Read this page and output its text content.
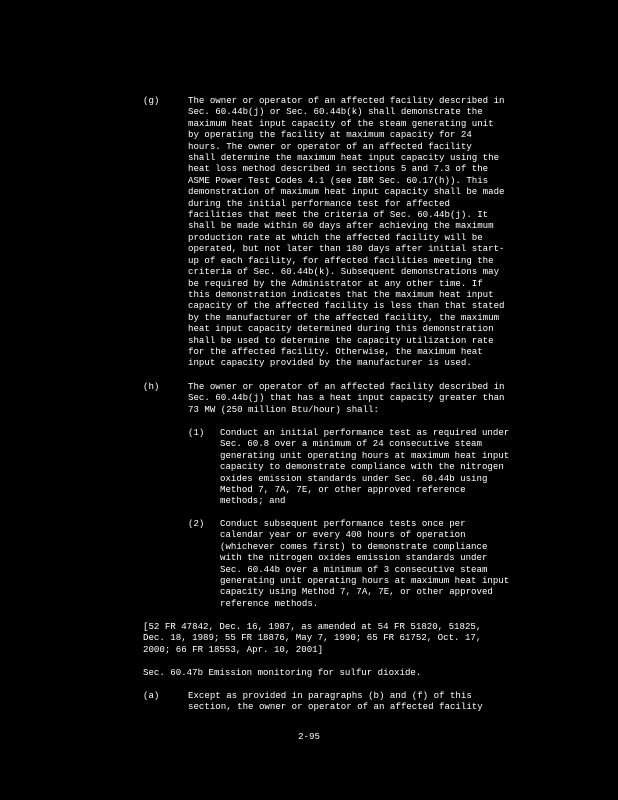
(g)	The owner or operator of an affected facility described in
Sec. 60.44b(j) or Sec. 60.44b(k) shall demonstrate the
maximum heat input capacity of the steam generating unit
by operating the facility at maximum capacity for 24
hours. The owner or operator of an affected facility
shall determine the maximum heat input capacity using the
heat loss method described in sections 5 and 7.3 of the
ASME Power Test Codes 4.1 (see IBR Sec. 60.17(h)). This
demonstration of maximum heat input capacity shall be made
during the initial performance test for affected
facilities that meet the criteria of Sec. 60.44b(j). It
shall be made within 60 days after achieving the maximum
production rate at which the affected facility will be
operated, but not later than 180 days after initial start-
up of each facility, for affected facilities meeting the
criteria of Sec. 60.44b(k). Subsequent demonstrations may
be required by the Administrator at any other time. If
this demonstration indicates that the maximum heat input
capacity of the affected facility is less than that stated
by the manufacturer of the affected facility, the maximum
heat input capacity determined during this demonstration
shall be used to determine the capacity utilization rate
for the affected facility. Otherwise, the maximum heat
input capacity provided by the manufacturer is used.
(h)	The owner or operator of an affected facility described in
Sec. 60.44b(j) that has a heat input capacity greater than
73 MW (250 million Btu/hour) shall:
(1) Conduct an initial performance test as required under
Sec. 60.8 over a minimum of 24 consecutive steam
generating unit operating hours at maximum heat input
capacity to demonstrate compliance with the nitrogen
oxides emission standards under Sec. 60.44b using
Method 7, 7A, 7E, or other approved reference
methods; and
(2) Conduct subsequent performance tests once per
calendar year or every 400 hours of operation
(whichever comes first) to demonstrate compliance
with the nitrogen oxides emission standards under
Sec. 60.44b over a minimum of 3 consecutive steam
generating unit operating hours at maximum heat input
capacity using Method 7, 7A, 7E, or other approved
reference methods.
[52 FR 47842, Dec. 16, 1987, as amended at 54 FR 51820, 51825,
Dec. 18, 1989; 55 FR 18876, May 7, 1990; 65 FR 61752, Oct. 17,
2000; 66 FR 18553, Apr. 10, 2001]
Sec. 60.47b Emission monitoring for sulfur dioxide.
(a)	Except as provided in paragraphs (b) and (f) of this
section, the owner or operator of an affected facility
2-95
